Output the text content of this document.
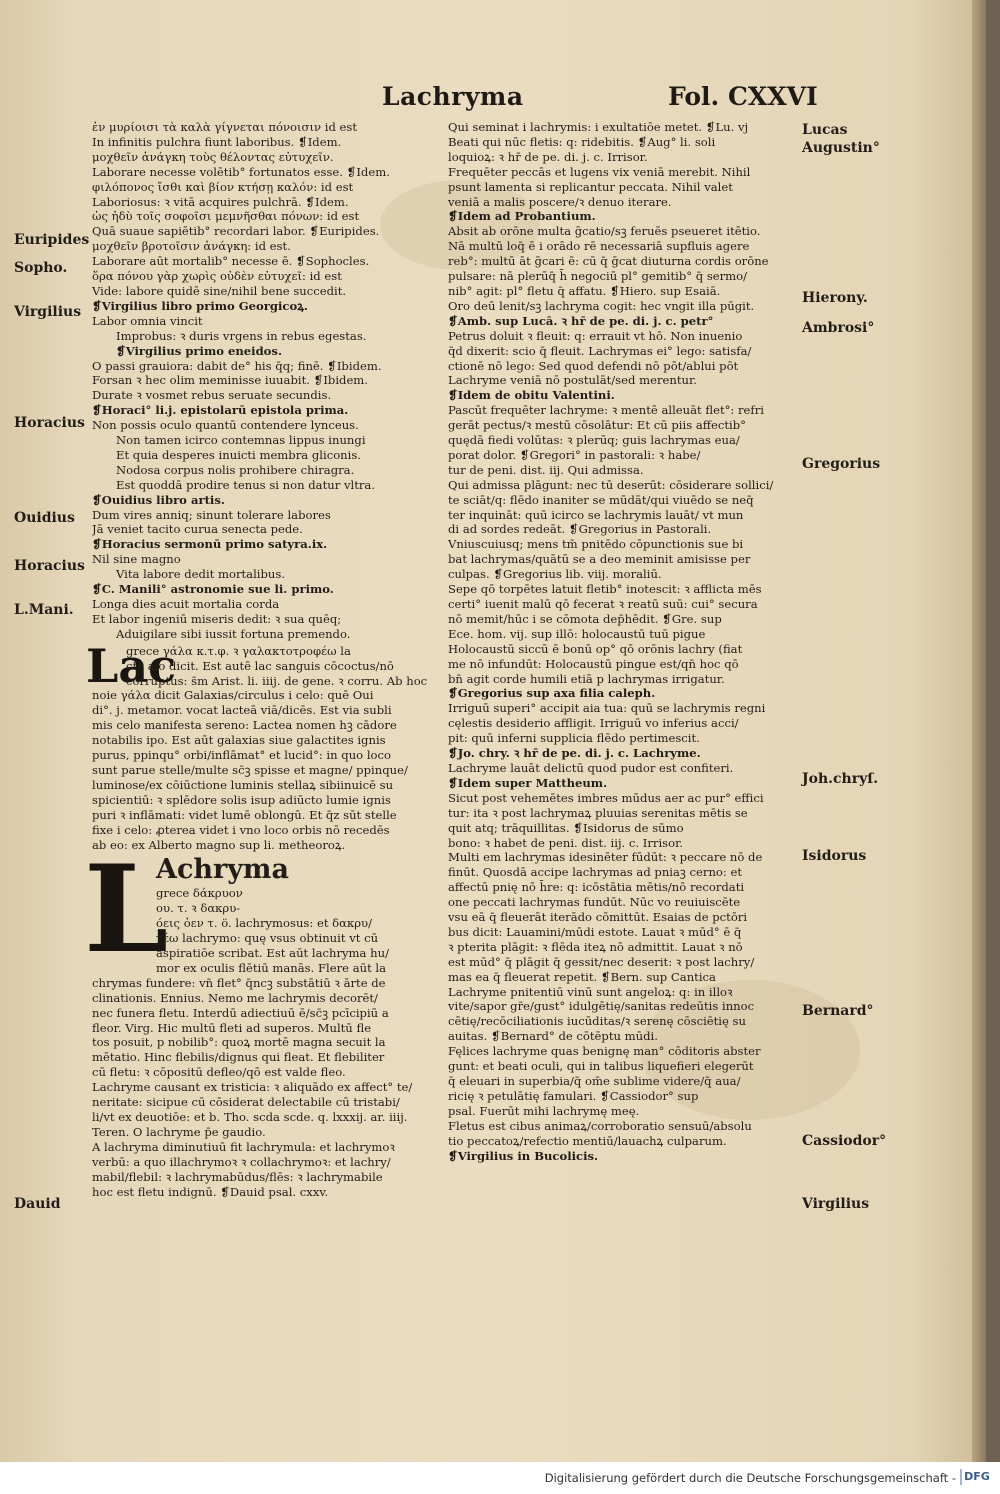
Lachryma	Fol. CXXVI
Euripides
Sopho.
Virgilius
Horacius
Ouidius
Horacius
L.Mani.
Dauid
Lucas
Augustin°
Hierony.
Ambrosi°
Gregorius
Joh.chryſ.
Isidorus
Bernard°
Cassiodor°
Virgilius
ἐν μυρίοισι τὰ καλὰ γίγνεται πόνοισιν id est
In infinitis pulchra fiunt laboribus. ❡Idem.
μοχθεῖν ἀνάγκη τοὺς θέλοντας εὐτυχεῖν.
Laborare necesse volētib° fortunatos esse. ❡Idem.
φιλόπονος ἴσθι καὶ βίον κτήσῃ καλόν: id est
Laboriosus: ꝛ vitā acquires pulchrā. ❡Idem.
ὡς ἡδὺ τοῖς σοφοῖσι μεμνῆσθαι πόνων: id est
Quā suaue sapiētib° recordari labor. ❡Euripides.
μοχθεῖν βροτοῖσιν ἀνάγκη: id est.
Laborare aūt mortalib° necesse ē. ❡Sophocles.
ὅρα πόνου γὰρ χωρὶς οὐδὲν εὐτυχεῖ: id est
Vide: labore quidē sine/nihil bene succedit.
❡Virgilius libro primo Georgicoꝝ.
Labor omnia vincit
Improbus: ꝛ duris vrgens in rebus egestas.
❡Virgilius primo eneidos.
O passi grauiora: dabit de° his q̄q; finē. ❡Ibidem.
Forsan ꝛ hec olim meminisse iuuabit. ❡Ibidem.
Durate ꝛ vosmet rebus seruate secundis.
❡Horaci° li.j. epistolarū epistola prima.
Non possis oculo quantū contendere lynceus.
Non tamen icirco contemnas lippus inungi
Et quia desperes inuicti membra gliconis.
Nodosa corpus nolis prohibere chiragra.
Est quoddā prodire tenus si non datur vltra.
❡Ouidius libro artis.
Dum vires anniq; sinunt tolerare labores
Jā veniet tacito curua senecta pede.
❡Horacius sermonū primo satyra.ix.
Nil sine magno
Vita labore dedit mortalibus.
❡C. Manili° astronomie sue li. primo.
Longa dies acuit mortalia corda
Et labor ingeniū miseris dedit: ꝛ sua quēq;
Aduigilare sibi iussit fortuna premendo.
Lac
grece γάλα κ.τ.φ. ꝛ γαλακτοτροφέω la
cte alo dicit. Est autē lac sanguis cōcoctus/nō
corruptus: s̄m Arist. li. iiij. de gene. ꝛ corru. Ab hoc
noie γάλα dicit Galaxias/circulus i celo: quē Oui
di°. j. metamor. vocat lacteā viā/dicēs. Est via subli
mis celo manifesta sereno: Lactea nomen hꝫ cādore
notabilis ipo. Est aūt galaxias siue galactites ignis
purus, ppinqu° orbi/inflāmat° et lucid°: in quo loco
sunt parue stelle/multe sc̄ꝫ spisse et magne/ ppinque/
luminose/ex cōiūctione luminis stellaꝝ sibiinuicē su
spicientiū: ꝛ splēdore solis isup adiūcto lumie ignis
puri ꝛ inflāmati: videt lumē oblongū. Et q̄z sūt stelle
fixe i celo: ꝓterea videt i vno loco orbis nō recedēs
ab eo: ex Alberto magno sup li. metheoroꝝ.
L
Achryma
grece δάκρυον
ου. τ. ꝛ δακρυ-
όεις ὀεν τ. ö. lachrymosus: et δακρυ/
χέω lachrymo: quę vsus obtinuit vt cū
aspiratiōe scribat. Est aūt lachryma hu/
mor ex oculis flētiū manās. Flere aūt la
chrymas fundere: vn̄ flet° q̄ncꝫ substātiū ꝛ ārte de
clinationis. Ennius. Nemo me lachrymis decorēt/
nec funera fletu. Interdū adiectiuū ē/sc̄ꝫ pcīcipiū a
fleor. Virg. Hic multū fleti ad superos. Multū fle
tos posuit, p nobilib°: quoꝝ mortē magna secuit la
mētatio. Hinc flebilis/dignus qui fleat. Et flebiliter
cū fletu: ꝛ cōpositū defleo/qō est valde fleo.
Lachryme causant ex tristicia: ꝛ aliquādo ex affect° te/
neritate: sicipue cū cōsiderat delectabile cū tristabi/
li/vt ex deuotiōe: et b. Tho. scda scde. q. lxxxij. ar. iiij.
Teren. O lachryme p̄e gaudio.
A lachryma diminutiuū fit lachrymula: et lachrymoꝛ
verbū: a quo illachrymoꝛ ꝛ collachrymoꝛ: et lachry/
mabil/flebil: ꝛ lachrymabūdus/flēs: ꝛ lachrymabile
hoc est fletu indignū. ❡Dauid psal. cxxv.
Qui seminat i lachrymis: i exultatiōe metet. ❡Lu. vj
Beati qui nūc fletis: q: ridebitis. ❡Aug° li. soli
loquioꝝ: ꝛ hr̄ de pe. di. j. c. Irrisor.
Frequēter peccās et lugens vix veniā merebit. Nihil
psunt lamenta si replicantur peccata. Nihil valet
veniā a malis poscere/ꝛ denuo iterare.
❡Idem ad Probantium.
Absit ab orōne multa ḡcatio/sꝫ feruēs pseueret itētio.
Nā multū loq̄ ē i orādo rē necessariā supfluis agere
reb°: multū āt ḡcari ē: cū q̄ ḡcat diuturna cordis orōne
pulsare: nā plerūq̄ h̄ negociū pl° gemitib° q̄ sermo/
nib° agit: pl° fletu q̄ affatu. ❡Hiero. sup Esaiā.
Oro deū lenit/sꝫ lachryma cogit: hec vngit illa pūgit.
❡Amb. sup Lucā. ꝛ hr̄ de pe. di. j. c. petr°
Petrus doluit ꝛ fleuit: q: errauit vt hō. Non inuenio
q̄d dixerit: scio q̄ fleuit. Lachrymas ei° lego: satisfa/
ctionē nō lego: Sed quod defendi nō pōt/ablui pōt
Lachryme veniā nō postulāt/sed merentur.
❡Idem de obitu Valentini.
Pascūt frequēter lachryme: ꝛ mentē alleuāt flet°: refri
gerāt pectus/ꝛ mestū cōsolātur: Et cū piis affectib°
quędā fiedi volūtas: ꝛ plerūq; guis lachrymas eua/
porat dolor. ❡Gregori° in pastorali: ꝛ habe/
tur de peni. dist. iij. Qui admissa.
Qui admissa plāgunt: nec tū deserūt: cōsiderare sollici/
te sciāt/q: flēdo inaniter se mūdāt/qui viuēdo se neq̄
ter inquināt: quū icirco se lachrymis lauāt/ vt mun
di ad sordes redeāt. ❡Gregorius in Pastorali.
Vniuscuiusq; mens tm̄ pnitēdo cōpunctionis sue bi
bat lachrymas/quātū se a deo meminit amisisse per
culpas. ❡Gregorius lib. viij. moraliū.
Sepe qō torpētes latuit fletib° inotescit: ꝛ afflicta mēs
certi° iuenit malū qō fecerat ꝛ reatū suū: cui° secura
nō memit/hūc i se cōmota dep̄hēdit. ❡Gre. sup
Ece. hom. vij. sup illō: holocaustū tuū pigue
Holocaustū siccū ē bonū op° qō orōnis lachry (fiat
me nō infundūt: Holocaustū pingue est/qn̄ hoc qō
bn̄ agit corde humili etiā p lachrymas irrigatur.
❡Gregorius sup axa filia caleph.
Irriguū superi° accipit aia tua: quū se lachrymis regni
cęlestis desiderio affligit. Irriguū vo inferius acci/
pit: quū inferni supplicia flēdo pertimescit.
❡Jo. chry. ꝛ hr̄ de pe. di. j. c. Lachryme.
Lachryme lauāt delictū quod pudor est confiteri.
❡Idem super Mattheum.
Sicut post vehemētes imbres mūdus aer ac pur° effici
tur: ita ꝛ post lachrymaꝝ pluuias serenitas mētis se
quit atq; trāquillitas. ❡Isidorus de sūmo
bono: ꝛ habet de peni. dist. iij. c. Irrisor.
Multi em lachrymas idesinēter fūdūt: ꝛ peccare nō de
finūt. Quosdā accipe lachrymas ad pniaꝫ cerno: et
affectū pnię nō h̄re: q: icōstātia mētis/nō recordati
one peccati lachrymas fundūt. Nūc vo reuiuiscēte
vsu eā q̄ fleuerāt iterādo cōmittūt. Esaias de pctōri
bus dicit: Lauamini/mūdi estote. Lauat ꝛ mūd° ē q̄
ꝛ pterita plāgit: ꝛ flēda iteꝝ nō admittit. Lauat ꝛ nō
est mūd° q̄ plāgit q̄ gessit/nec deserit: ꝛ post lachry/
mas ea q̄ fleuerat repetit. ❡Bern. sup Cantica
Lachryme pnitentiū vinū sunt angeloꝝ: q: in illoꝛ
vite/sapor gr̄e/gust° idulgētię/sanitas redeūtis innoc
cētię/recōciliationis iucūditas/ꝛ serenę cōsciētię su
auitas. ❡Bernard° de cōtēptu mūdi.
Fęlices lachryme quas benignę man° cōditoris abster
gunt: et beati oculi, qui in talibus liquefieri elegerūt
q̄ eleuari in superbia/q̄ om̄e sublime videre/q̄ aua/
ricię ꝛ petulātię famulari. ❡Cassiodor° sup
psal. Fuerūt mihi lachrymę meę.
Fletus est cibus animaꝝ/corroboratio sensuū/absolu
tio peccatoꝝ/refectio mentiū/lauachꝝ culparum.
❡Virgilius in Bucolicis.
Digitalisierung gefördert durch die Deutsche Forschungsgemeinschaft - DFG
